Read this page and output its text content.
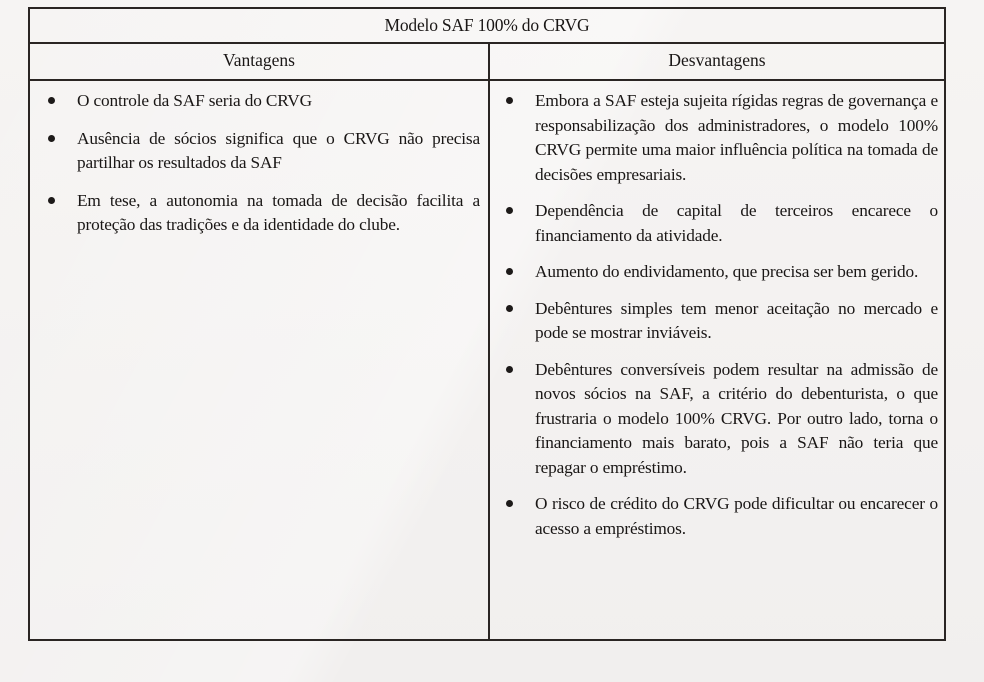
Modelo SAF 100% do CRVG
Vantagens	Desvantagens
O controle da SAF seria do CRVG
Ausência de sócios significa que o CRVG não precisa partilhar os resultados da SAF
Em tese, a autonomia na tomada de decisão facilita a proteção das tradições e da identidade do clube.
Embora a SAF esteja sujeita rígidas regras de governança e responsabilização dos administradores, o modelo 100% CRVG permite uma maior influência política na tomada de decisões empresariais.
Dependência de capital de terceiros encarece o financiamento da atividade.
Aumento do endividamento, que precisa ser bem gerido.
Debêntures simples tem menor aceitação no mercado e pode se mostrar inviáveis.
Debêntures conversíveis podem resultar na admissão de novos sócios na SAF, a critério do debenturista, o que frustraria o modelo 100% CRVG. Por outro lado, torna o financiamento mais barato, pois a SAF não teria que repagar o empréstimo.
O risco de crédito do CRVG pode dificultar ou encarecer o acesso a empréstimos.
